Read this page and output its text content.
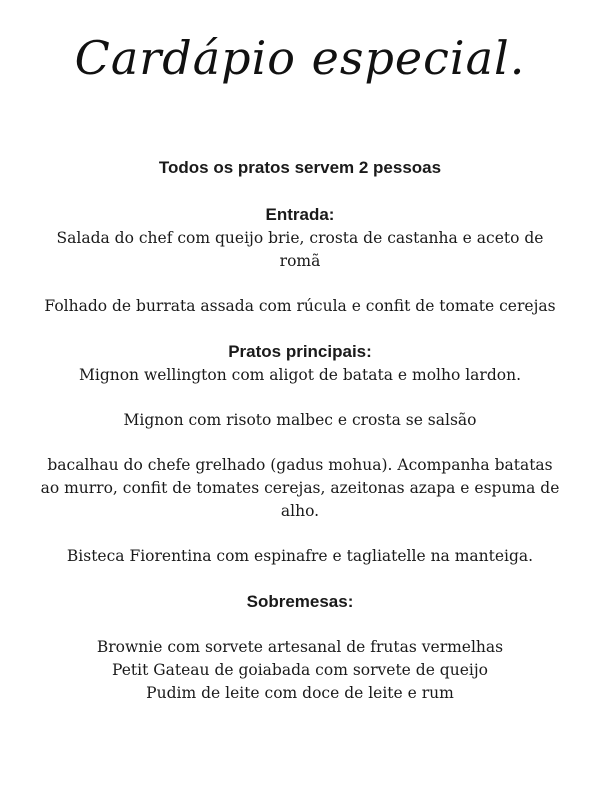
Cardápio especial.

Todos os pratos servem 2 pessoas

Entrada:

Salada do chef com queijo brie, crosta de castanha e aceto de romã

Folhado de burrata assada com rúcula e confit de tomate cerejas

Pratos principais:

Mignon wellington com aligot de batata e molho lardon.

Mignon com risoto malbec e crosta se salsão

bacalhau do chefe grelhado (gadus mohua). Acompanha batatas ao murro, confit de tomates cerejas, azeitonas azapa e espuma de alho.

Bisteca Fiorentina com espinafre e tagliatelle na manteiga.

Sobremesas:

Brownie com sorvete artesanal de frutas vermelhas

Petit Gateau de goiabada com sorvete de queijo

Pudim de leite com doce de leite e rum
